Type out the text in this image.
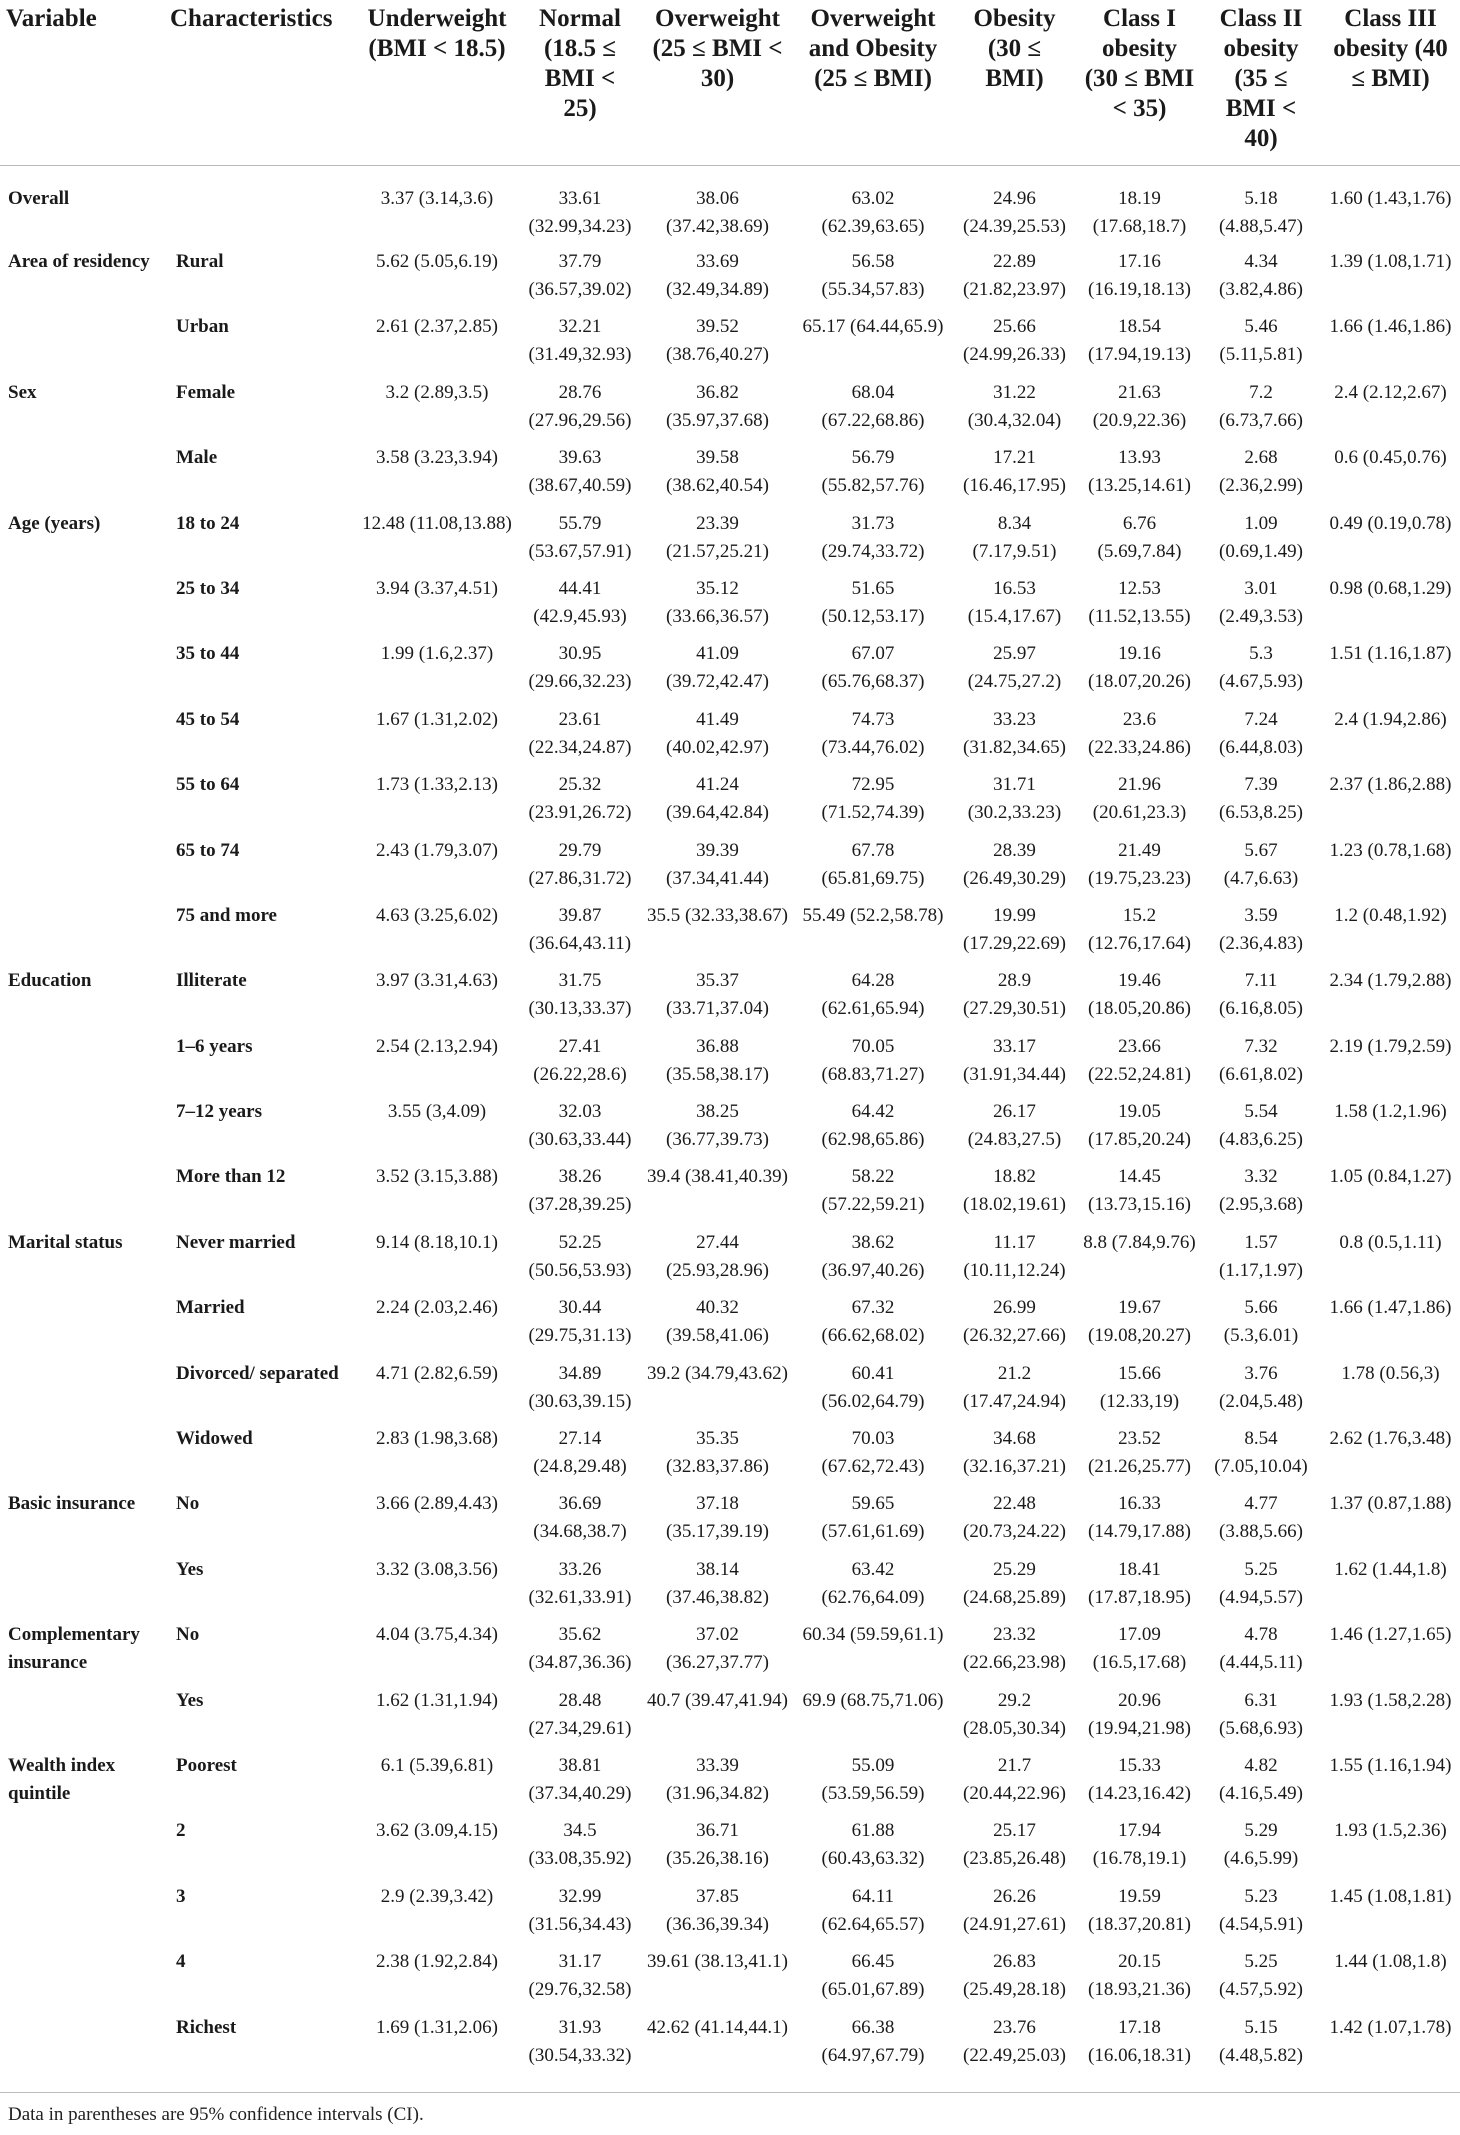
Variable	Characteristics	Underweight (BMI < 18.5)	Normal (18.5 ≤ BMI < 25)	Overweight (25 ≤ BMI < 30)	Overweight and Obesity (25 ≤ BMI)	Obesity (30 ≤ BMI)	Class I obesity (30 ≤ BMI < 35)	Class II obesity (35 ≤ BMI < 40)	Class III obesity (40 ≤ BMI)
Overall		3.37 (3.14,3.6)	33.61 (32.99,34.23)	38.06 (37.42,38.69)	63.02 (62.39,63.65)	24.96 (24.39,25.53)	18.19 (17.68,18.7)	5.18 (4.88,5.47)	1.60 (1.43,1.76)
Area of residency	Rural	5.62 (5.05,6.19)	37.79 (36.57,39.02)	33.69 (32.49,34.89)	56.58 (55.34,57.83)	22.89 (21.82,23.97)	17.16 (16.19,18.13)	4.34 (3.82,4.86)	1.39 (1.08,1.71)
	Urban	2.61 (2.37,2.85)	32.21 (31.49,32.93)	39.52 (38.76,40.27)	65.17 (64.44,65.9)	25.66 (24.99,26.33)	18.54 (17.94,19.13)	5.46 (5.11,5.81)	1.66 (1.46,1.86)
Sex	Female	3.2 (2.89,3.5)	28.76 (27.96,29.56)	36.82 (35.97,37.68)	68.04 (67.22,68.86)	31.22 (30.4,32.04)	21.63 (20.9,22.36)	7.2 (6.73,7.66)	2.4 (2.12,2.67)
	Male	3.58 (3.23,3.94)	39.63 (38.67,40.59)	39.58 (38.62,40.54)	56.79 (55.82,57.76)	17.21 (16.46,17.95)	13.93 (13.25,14.61)	2.68 (2.36,2.99)	0.6 (0.45,0.76)
Age (years)	18 to 24	12.48 (11.08,13.88)	55.79 (53.67,57.91)	23.39 (21.57,25.21)	31.73 (29.74,33.72)	8.34 (7.17,9.51)	6.76 (5.69,7.84)	1.09 (0.69,1.49)	0.49 (0.19,0.78)
	25 to 34	3.94 (3.37,4.51)	44.41 (42.9,45.93)	35.12 (33.66,36.57)	51.65 (50.12,53.17)	16.53 (15.4,17.67)	12.53 (11.52,13.55)	3.01 (2.49,3.53)	0.98 (0.68,1.29)
	35 to 44	1.99 (1.6,2.37)	30.95 (29.66,32.23)	41.09 (39.72,42.47)	67.07 (65.76,68.37)	25.97 (24.75,27.2)	19.16 (18.07,20.26)	5.3 (4.67,5.93)	1.51 (1.16,1.87)
	45 to 54	1.67 (1.31,2.02)	23.61 (22.34,24.87)	41.49 (40.02,42.97)	74.73 (73.44,76.02)	33.23 (31.82,34.65)	23.6 (22.33,24.86)	7.24 (6.44,8.03)	2.4 (1.94,2.86)
	55 to 64	1.73 (1.33,2.13)	25.32 (23.91,26.72)	41.24 (39.64,42.84)	72.95 (71.52,74.39)	31.71 (30.2,33.23)	21.96 (20.61,23.3)	7.39 (6.53,8.25)	2.37 (1.86,2.88)
	65 to 74	2.43 (1.79,3.07)	29.79 (27.86,31.72)	39.39 (37.34,41.44)	67.78 (65.81,69.75)	28.39 (26.49,30.29)	21.49 (19.75,23.23)	5.67 (4.7,6.63)	1.23 (0.78,1.68)
	75 and more	4.63 (3.25,6.02)	39.87 (36.64,43.11)	35.5 (32.33,38.67)	55.49 (52.2,58.78)	19.99 (17.29,22.69)	15.2 (12.76,17.64)	3.59 (2.36,4.83)	1.2 (0.48,1.92)
Education	Illiterate	3.97 (3.31,4.63)	31.75 (30.13,33.37)	35.37 (33.71,37.04)	64.28 (62.61,65.94)	28.9 (27.29,30.51)	19.46 (18.05,20.86)	7.11 (6.16,8.05)	2.34 (1.79,2.88)
	1–6 years	2.54 (2.13,2.94)	27.41 (26.22,28.6)	36.88 (35.58,38.17)	70.05 (68.83,71.27)	33.17 (31.91,34.44)	23.66 (22.52,24.81)	7.32 (6.61,8.02)	2.19 (1.79,2.59)
	7–12 years	3.55 (3,4.09)	32.03 (30.63,33.44)	38.25 (36.77,39.73)	64.42 (62.98,65.86)	26.17 (24.83,27.5)	19.05 (17.85,20.24)	5.54 (4.83,6.25)	1.58 (1.2,1.96)
	More than 12	3.52 (3.15,3.88)	38.26 (37.28,39.25)	39.4 (38.41,40.39)	58.22 (57.22,59.21)	18.82 (18.02,19.61)	14.45 (13.73,15.16)	3.32 (2.95,3.68)	1.05 (0.84,1.27)
Marital status	Never married	9.14 (8.18,10.1)	52.25 (50.56,53.93)	27.44 (25.93,28.96)	38.62 (36.97,40.26)	11.17 (10.11,12.24)	8.8 (7.84,9.76)	1.57 (1.17,1.97)	0.8 (0.5,1.11)
	Married	2.24 (2.03,2.46)	30.44 (29.75,31.13)	40.32 (39.58,41.06)	67.32 (66.62,68.02)	26.99 (26.32,27.66)	19.67 (19.08,20.27)	5.66 (5.3,6.01)	1.66 (1.47,1.86)
	Divorced/ separated	4.71 (2.82,6.59)	34.89 (30.63,39.15)	39.2 (34.79,43.62)	60.41 (56.02,64.79)	21.2 (17.47,24.94)	15.66 (12.33,19)	3.76 (2.04,5.48)	1.78 (0.56,3)
	Widowed	2.83 (1.98,3.68)	27.14 (24.8,29.48)	35.35 (32.83,37.86)	70.03 (67.62,72.43)	34.68 (32.16,37.21)	23.52 (21.26,25.77)	8.54 (7.05,10.04)	2.62 (1.76,3.48)
Basic insurance	No	3.66 (2.89,4.43)	36.69 (34.68,38.7)	37.18 (35.17,39.19)	59.65 (57.61,61.69)	22.48 (20.73,24.22)	16.33 (14.79,17.88)	4.77 (3.88,5.66)	1.37 (0.87,1.88)
	Yes	3.32 (3.08,3.56)	33.26 (32.61,33.91)	38.14 (37.46,38.82)	63.42 (62.76,64.09)	25.29 (24.68,25.89)	18.41 (17.87,18.95)	5.25 (4.94,5.57)	1.62 (1.44,1.8)
Complementary insurance	No	4.04 (3.75,4.34)	35.62 (34.87,36.36)	37.02 (36.27,37.77)	60.34 (59.59,61.1)	23.32 (22.66,23.98)	17.09 (16.5,17.68)	4.78 (4.44,5.11)	1.46 (1.27,1.65)
	Yes	1.62 (1.31,1.94)	28.48 (27.34,29.61)	40.7 (39.47,41.94)	69.9 (68.75,71.06)	29.2 (28.05,30.34)	20.96 (19.94,21.98)	6.31 (5.68,6.93)	1.93 (1.58,2.28)
Wealth index quintile	Poorest	6.1 (5.39,6.81)	38.81 (37.34,40.29)	33.39 (31.96,34.82)	55.09 (53.59,56.59)	21.7 (20.44,22.96)	15.33 (14.23,16.42)	4.82 (4.16,5.49)	1.55 (1.16,1.94)
	2	3.62 (3.09,4.15)	34.5 (33.08,35.92)	36.71 (35.26,38.16)	61.88 (60.43,63.32)	25.17 (23.85,26.48)	17.94 (16.78,19.1)	5.29 (4.6,5.99)	1.93 (1.5,2.36)
	3	2.9 (2.39,3.42)	32.99 (31.56,34.43)	37.85 (36.36,39.34)	64.11 (62.64,65.57)	26.26 (24.91,27.61)	19.59 (18.37,20.81)	5.23 (4.54,5.91)	1.45 (1.08,1.81)
	4	2.38 (1.92,2.84)	31.17 (29.76,32.58)	39.61 (38.13,41.1)	66.45 (65.01,67.89)	26.83 (25.49,28.18)	20.15 (18.93,21.36)	5.25 (4.57,5.92)	1.44 (1.08,1.8)
	Richest	1.69 (1.31,2.06)	31.93 (30.54,33.32)	42.62 (41.14,44.1)	66.38 (64.97,67.79)	23.76 (22.49,25.03)	17.18 (16.06,18.31)	5.15 (4.48,5.82)	1.42 (1.07,1.78)
Data in parentheses are 95% confidence intervals (CI).
